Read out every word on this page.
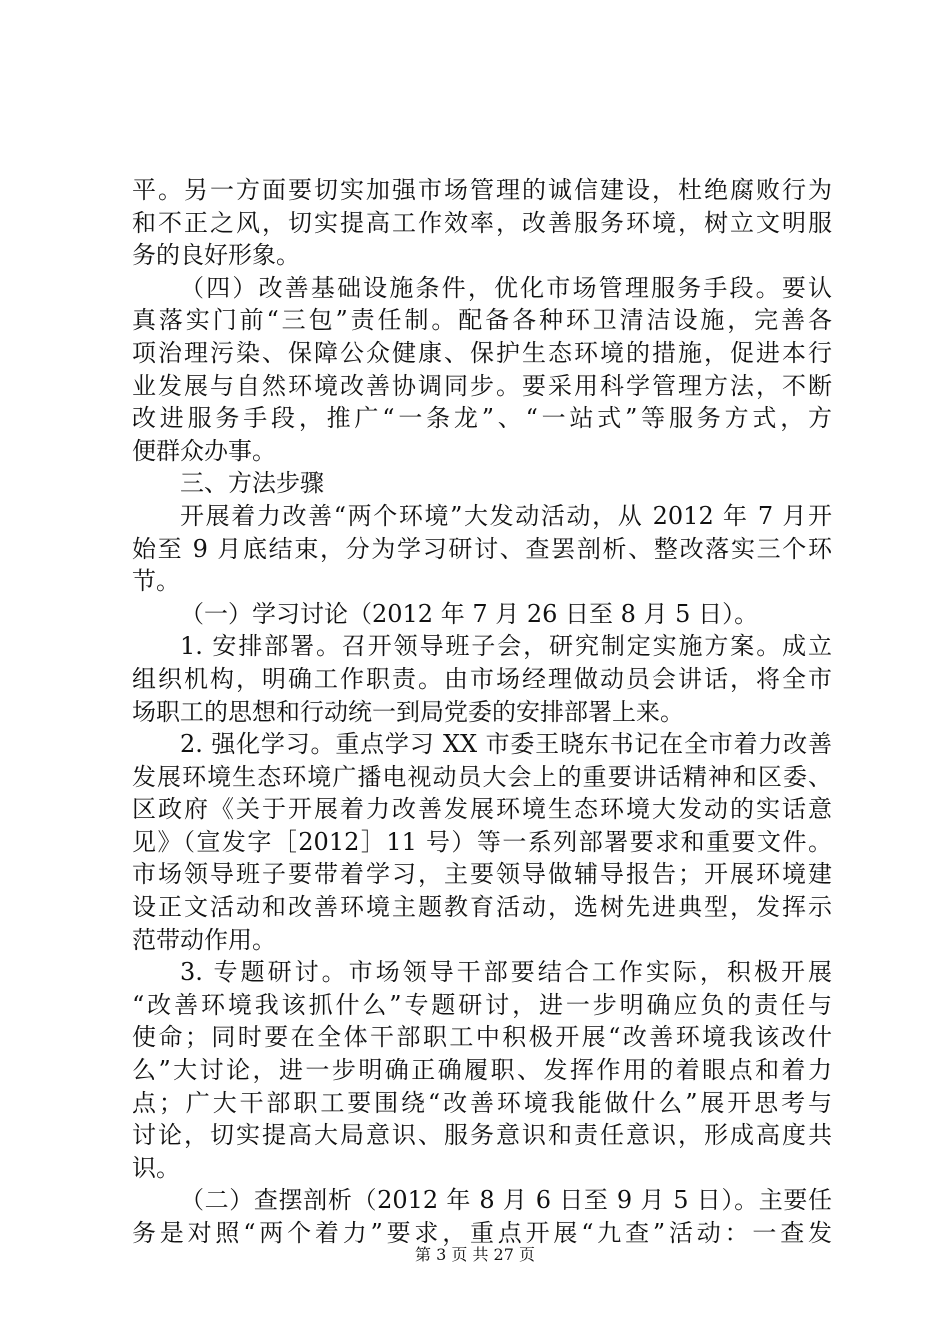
平。另一方面要切实加强市场管理的诚信建设，杜绝腐败行为
和不正之风，切实提高工作效率，改善服务环境，树立文明服
务的良好形象。
（四）改善基础设施条件，优化市场管理服务手段。要认
真落实门前“三包”责任制。配备各种环卫清洁设施，完善各
项治理污染、保障公众健康、保护生态环境的措施，促进本行
业发展与自然环境改善协调同步。要采用科学管理方法，不断
改进服务手段，推广“一条龙”、“一站式”等服务方式，方
便群众办事。
三、方法步骤
开展着力改善“两个环境”大发动活动，从 2012 年 7 月开
始至 9 月底结束，分为学习研讨、查罢剖析、整改落实三个环
节。
（一）学习讨论（2012 年 7 月 26 日至 8 月 5 日）。
1. 安排部署。召开领导班子会，研究制定实施方案。成立
组织机构，明确工作职责。由市场经理做动员会讲话，将全市
场职工的思想和行动统一到局党委的安排部署上来。
2. 强化学习。重点学习 XX 市委王晓东书记在全市着力改善
发展环境生态环境广播电视动员大会上的重要讲话精神和区委、
区政府《关于开展着力改善发展环境生态环境大发动的实话意
见》（宣发字［2012］11 号）等一系列部署要求和重要文件。
市场领导班子要带着学习，主要领导做辅导报告；开展环境建
设正文活动和改善环境主题教育活动，选树先进典型，发挥示
范带动作用。
3. 专题研讨。市场领导干部要结合工作实际，积极开展
“改善环境我该抓什么”专题研讨，进一步明确应负的责任与
使命；同时要在全体干部职工中积极开展“改善环境我该改什
么”大讨论，进一步明确正确履职、发挥作用的着眼点和着力
点；广大干部职工要围绕“改善环境我能做什么”展开思考与
讨论，切实提高大局意识、服务意识和责任意识，形成高度共
识。
（二）查摆剖析（2012 年 8 月 6 日至 9 月 5 日）。主要任
务是对照“两个着力”要求，重点开展“九查”活动：一查发
第 3 页 共 27 页
